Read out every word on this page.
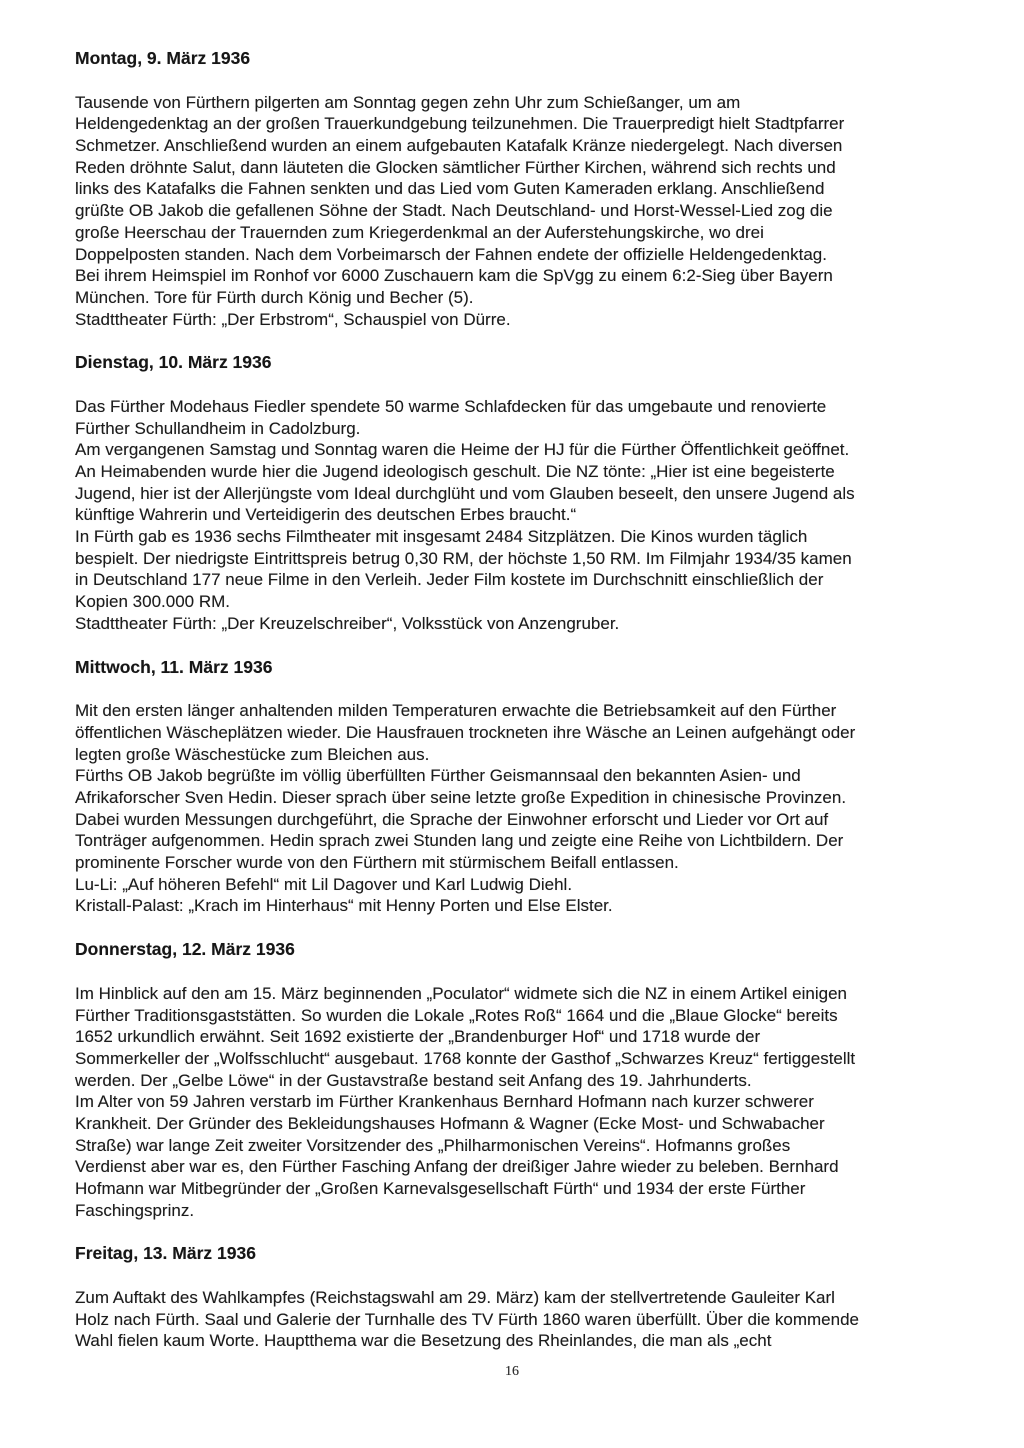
Montag, 9. März 1936
Tausende von Fürthern pilgerten am Sonntag gegen zehn Uhr zum Schießanger, um am
Heldengedenktag an der großen Trauerkundgebung teilzunehmen. Die Trauerpredigt hielt Stadtpfarrer
Schmetzer. Anschließend wurden an einem aufgebauten Katafalk Kränze niedergelegt. Nach diversen
Reden dröhnte Salut, dann läuteten die Glocken sämtlicher Fürther Kirchen, während sich rechts und
links des Katafalks die Fahnen senkten und das Lied vom Guten Kameraden erklang. Anschließend
grüßte OB Jakob die gefallenen Söhne der Stadt. Nach Deutschland- und Horst-Wessel-Lied zog die
große Heerschau der Trauernden zum Kriegerdenkmal an der Auferstehungskirche, wo drei
Doppelposten standen. Nach dem Vorbeimarsch der Fahnen endete der offizielle Heldengedenktag.
Bei ihrem Heimspiel im Ronhof vor 6000 Zuschauern kam die SpVgg zu einem 6:2-Sieg über Bayern
München. Tore für Fürth durch König und Becher (5).
Stadttheater Fürth: „Der Erbstrom“, Schauspiel von Dürre.
Dienstag, 10. März 1936
Das Fürther Modehaus Fiedler spendete 50 warme Schlafdecken für das umgebaute und renovierte
Fürther Schullandheim in Cadolzburg.
Am vergangenen Samstag und Sonntag waren die Heime der HJ für die Fürther Öffentlichkeit geöffnet.
An Heimabenden wurde hier die Jugend ideologisch geschult. Die NZ tönte: „Hier ist eine begeisterte
Jugend, hier ist der Allerjüngste vom Ideal durchglüht und vom Glauben beseelt, den unsere Jugend als
künftige Wahrerin und Verteidigerin des deutschen Erbes braucht.“
In Fürth gab es 1936 sechs Filmtheater mit insgesamt 2484 Sitzplätzen. Die Kinos wurden täglich
bespielt. Der niedrigste Eintrittspreis betrug 0,30 RM, der höchste 1,50 RM. Im Filmjahr 1934/35 kamen
in Deutschland 177 neue Filme in den Verleih. Jeder Film kostete im Durchschnitt einschließlich der
Kopien 300.000 RM.
Stadttheater Fürth: „Der Kreuzelschreiber“, Volksstück von Anzengruber.
Mittwoch, 11. März 1936
Mit den ersten länger anhaltenden milden Temperaturen erwachte die Betriebsamkeit auf den Fürther
öffentlichen Wäscheplätzen wieder. Die Hausfrauen trockneten ihre Wäsche an Leinen aufgehängt oder
legten große Wäschestücke zum Bleichen aus.
Fürths OB Jakob begrüßte im völlig überfüllten Fürther Geismannsaal den bekannten Asien- und
Afrikaforscher Sven Hedin. Dieser sprach über seine letzte große Expedition in chinesische Provinzen.
Dabei wurden Messungen durchgeführt, die Sprache der Einwohner erforscht und Lieder vor Ort auf
Tonträger aufgenommen. Hedin sprach zwei Stunden lang und zeigte eine Reihe von Lichtbildern. Der
prominente Forscher wurde von den Fürthern mit stürmischem Beifall entlassen.
Lu-Li: „Auf höheren Befehl“ mit Lil Dagover und Karl Ludwig Diehl.
Kristall-Palast: „Krach im Hinterhaus“ mit Henny Porten und Else Elster.
Donnerstag, 12. März 1936
Im Hinblick auf den am 15. März beginnenden „Poculator“ widmete sich die NZ in einem Artikel einigen
Fürther Traditionsgaststätten. So wurden die Lokale „Rotes Roß“ 1664 und die „Blaue Glocke“ bereits
1652 urkundlich erwähnt. Seit 1692 existierte der „Brandenburger Hof“ und 1718 wurde der
Sommerkeller der „Wolfsschlucht“ ausgebaut. 1768 konnte der Gasthof „Schwarzes Kreuz“ fertiggestellt
werden. Der „Gelbe Löwe“ in der Gustavstraße bestand seit Anfang des 19. Jahrhunderts.
Im Alter von 59 Jahren verstarb im Fürther Krankenhaus Bernhard Hofmann nach kurzer schwerer
Krankheit. Der Gründer des Bekleidungshauses Hofmann & Wagner (Ecke Most- und Schwabacher
Straße) war lange Zeit zweiter Vorsitzender des „Philharmonischen Vereins“. Hofmanns großes
Verdienst aber war es, den Fürther Fasching Anfang der dreißiger Jahre wieder zu beleben. Bernhard
Hofmann war Mitbegründer der „Großen Karnevalsgesellschaft Fürth“ und 1934 der erste Fürther
Faschingsprinz.
Freitag, 13. März 1936
Zum Auftakt des Wahlkampfes (Reichstagswahl am 29. März) kam der stellvertretende Gauleiter Karl
Holz nach Fürth. Saal und Galerie der Turnhalle des TV Fürth 1860 waren überfüllt. Über die kommende
Wahl fielen kaum Worte. Hauptthema war die Besetzung des Rheinlandes, die man als „echt
16
